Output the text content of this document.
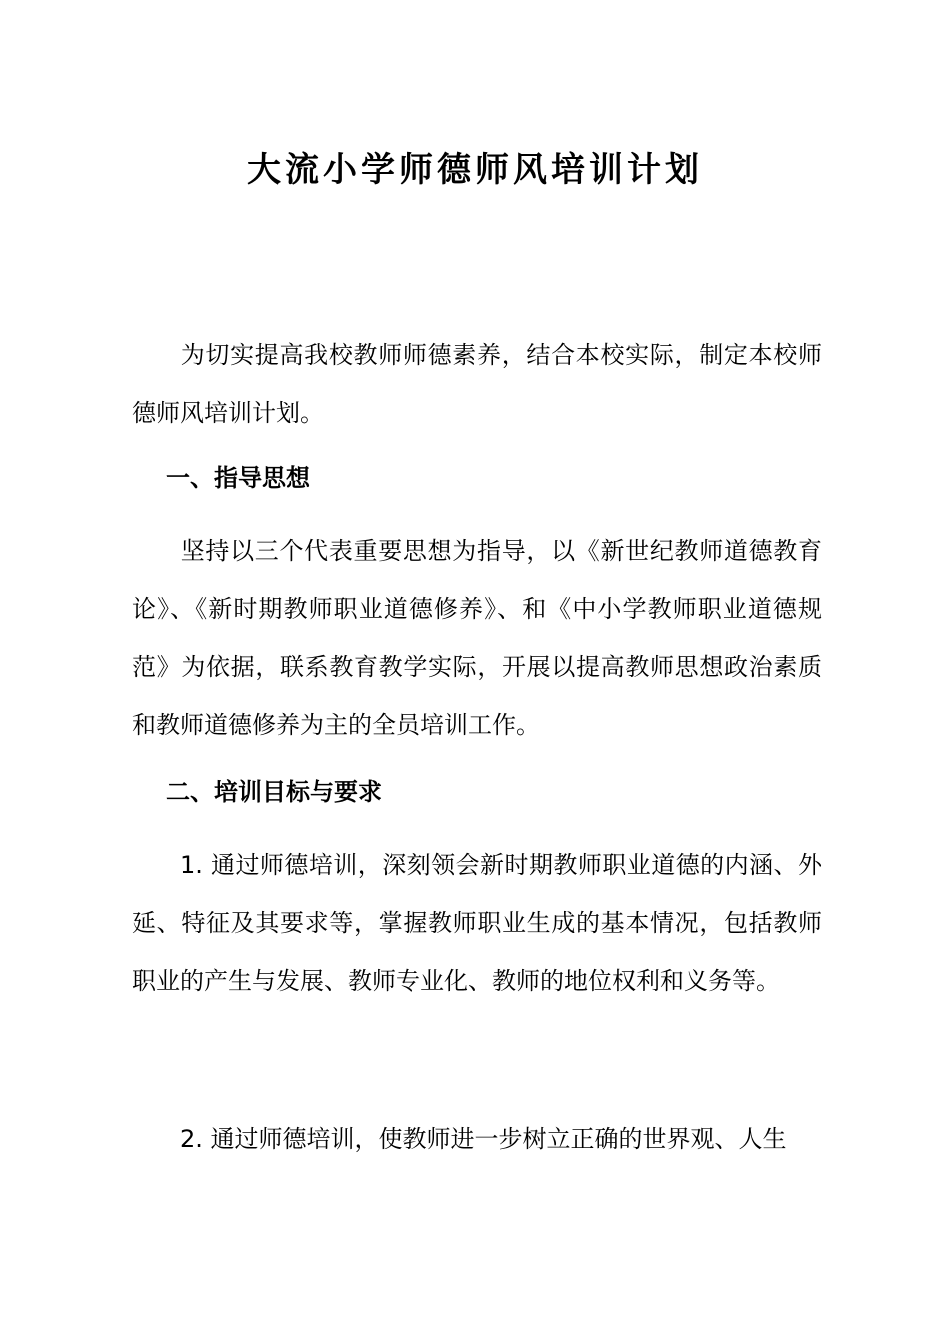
大流小学师德师风培训计划

为切实提高我校教师师德素养，结合本校实际，制定本校师德师风培训计划。

一、指导思想

坚持以三个代表重要思想为指导，以《新世纪教师道德教育论》、《新时期教师职业道德修养》、和《中小学教师职业道德规范》为依据，联系教育教学实际，开展以提高教师思想政治素质和教师道德修养为主的全员培训工作。

二、培训目标与要求

1. 通过师德培训，深刻领会新时期教师职业道德的内涵、外延、特征及其要求等，掌握教师职业生成的基本情况，包括教师职业的产生与发展、教师专业化、教师的地位权利和义务等。

2. 通过师德培训，使教师进一步树立正确的世界观、人生
